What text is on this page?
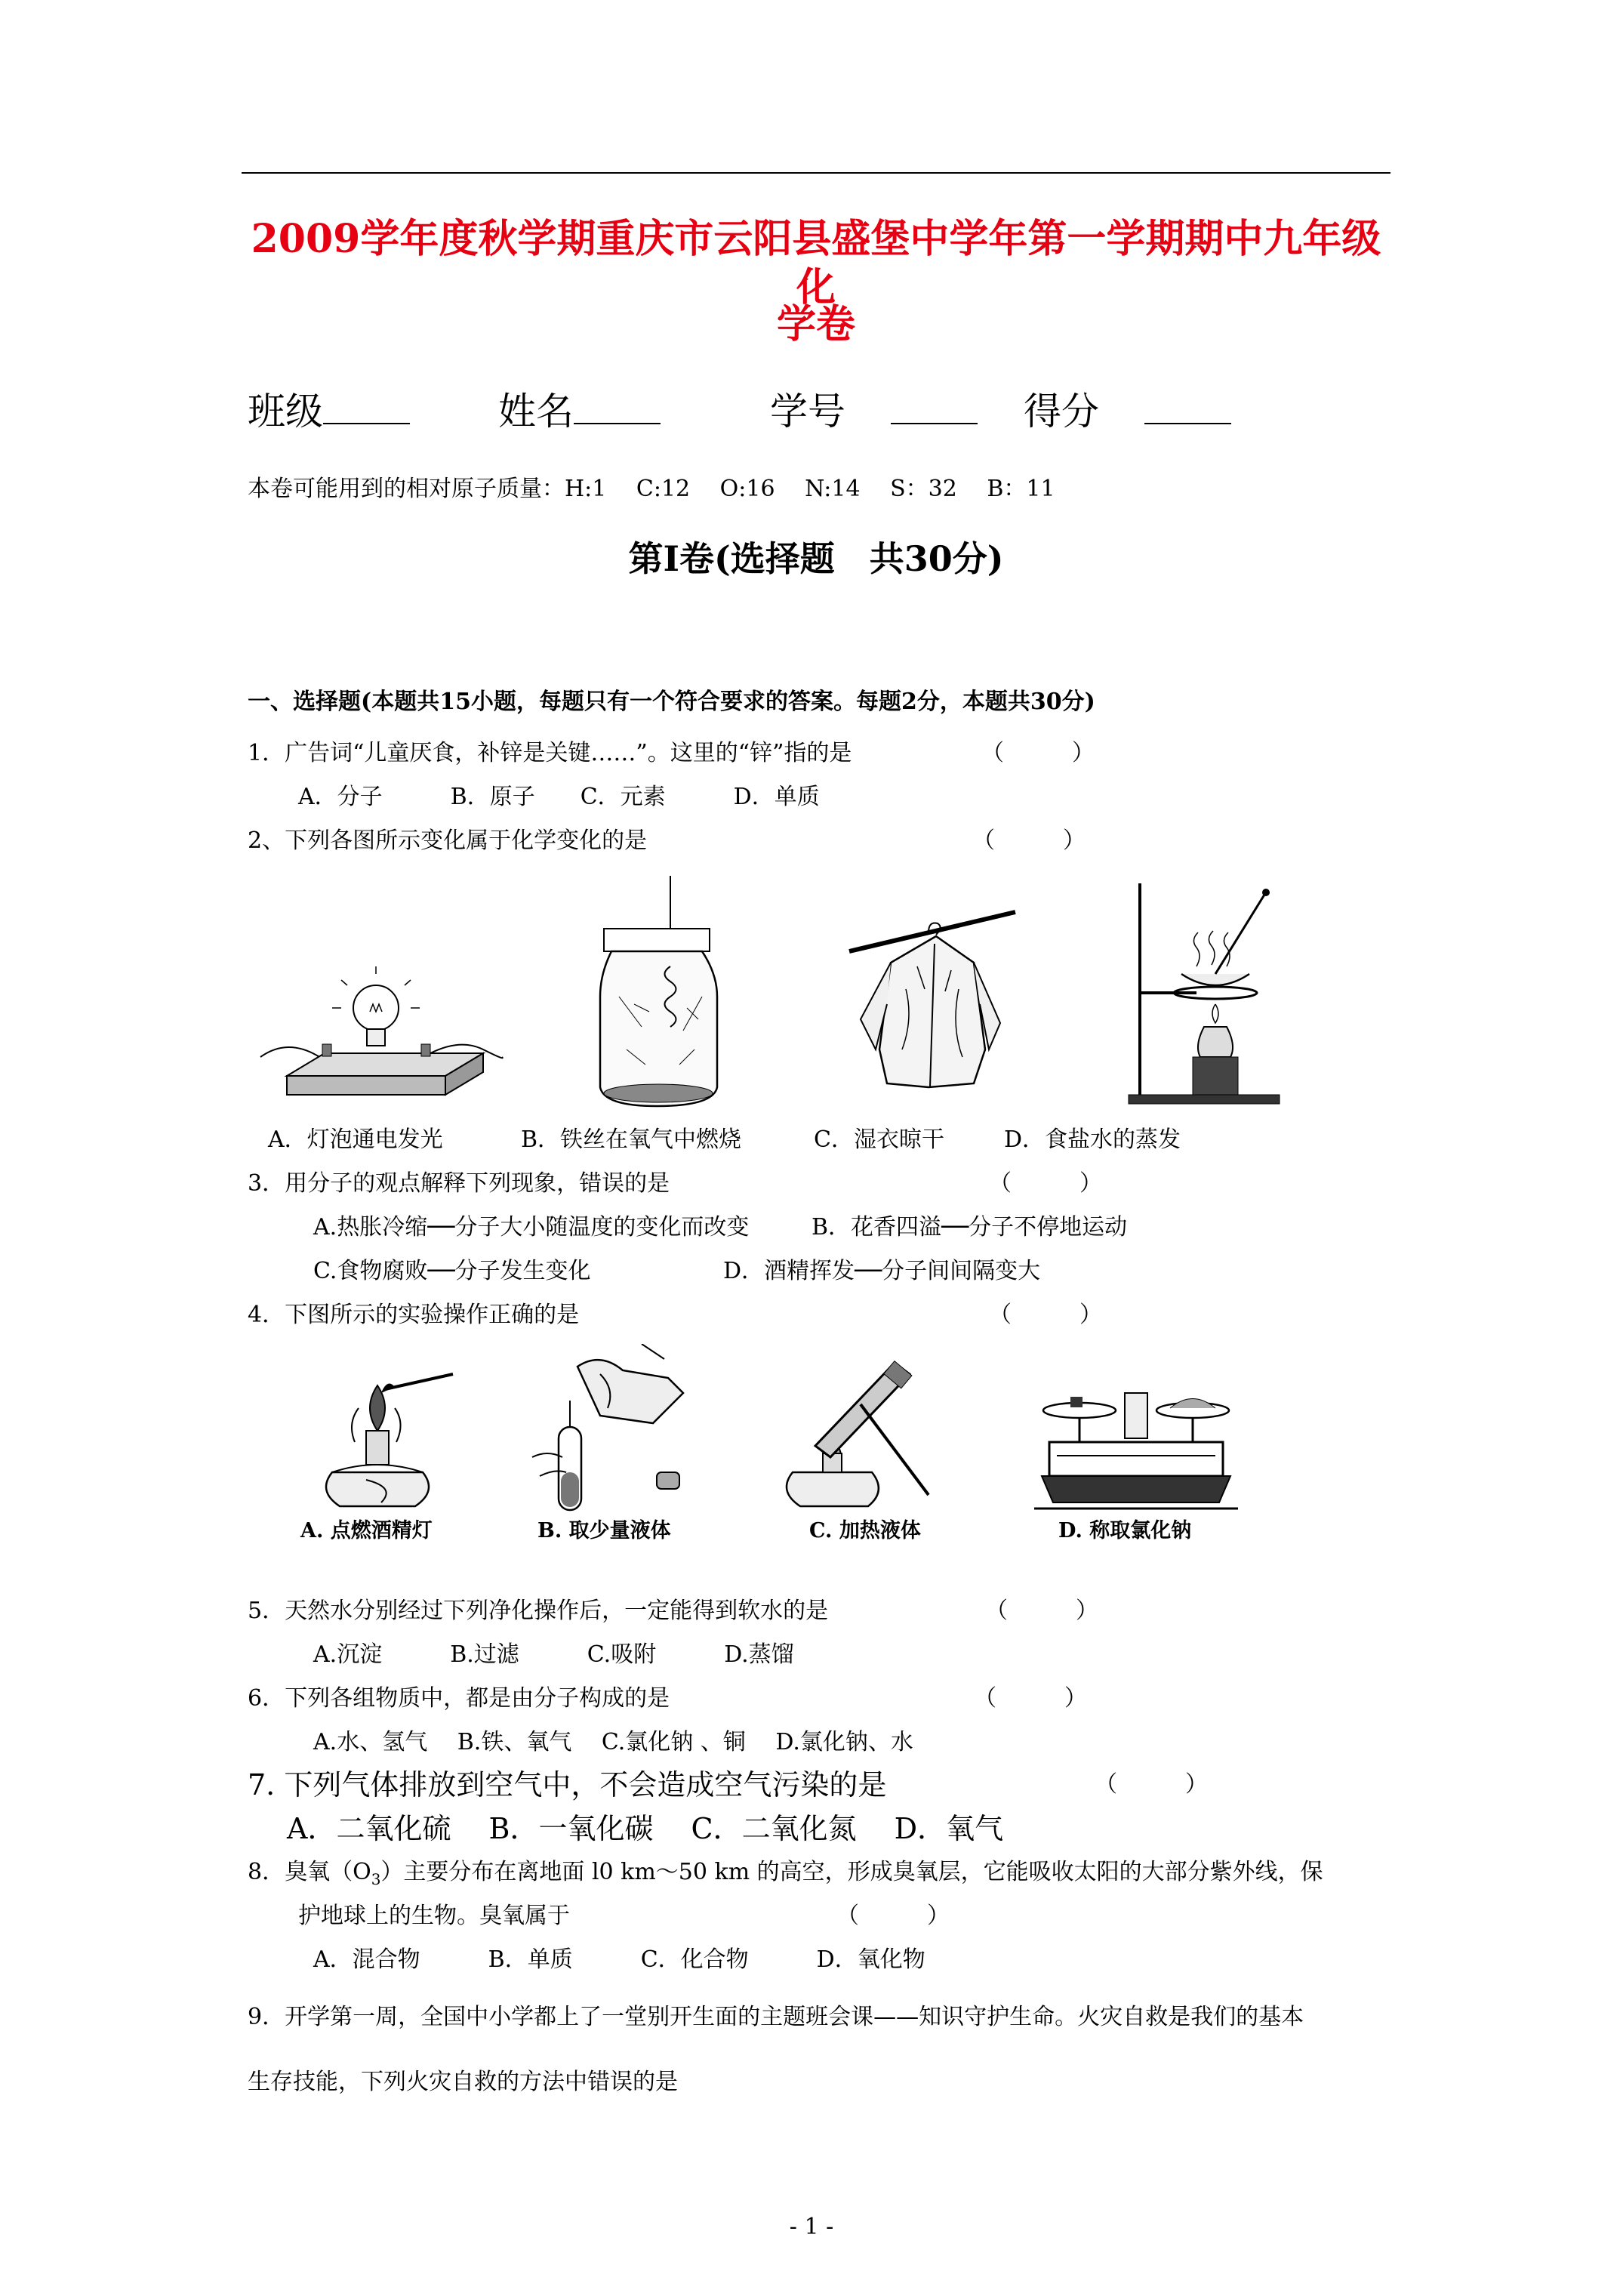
2009学年度秋学期重庆市云阳县盛堡中学年第一学期期中九年级化
学卷
班级	姓名	学号	得分
本卷可能用到的相对原子质量：H:1　 C:12　 O:16　 N:14　 S：32　 B：11
第Ⅰ卷(选择题　共30分)
一、选择题(本题共15小题，每题只有一个符合要求的答案。每题2分，本题共30分)
1．广告词“儿童厌食，补锌是关键……”。这里的“锌”指的是	（　　　）
A．分子　　　B．原子　　C．元素　　　D．单质
2、下列各图所示变化属于化学变化的是	（　　　）
A．灯泡通电发光	B．铁丝在氧气中燃烧	C．湿衣晾干	D．食盐水的蒸发
3．用分子的观点解释下列现象，错误的是	（　　　）
A.热胀冷缩──分子大小随温度的变化而改变	B．花香四溢──分子不停地运动
C.食物腐败──分子发生变化	D．酒精挥发──分子间间隔变大
4．下图所示的实验操作正确的是	（　　　）
A. 点燃酒精灯	B. 取少量液体	C. 加热液体	D. 称取氯化钠
5．天然水分别经过下列净化操作后，一定能得到软水的是	（　　　）
A.沉淀　　　B.过滤　　　C.吸附　　　D.蒸馏
6．下列各组物质中，都是由分子构成的是	（　　　）
A.水、氢气　 B.铁、氧气　 C.氯化钠 、铜　 D.氯化钠、水
7. 下列气体排放到空气中，不会造成空气污染的是	（　　　）
A．二氧化硫　 B．一氧化碳　 C．二氧化氮　 D．氧气
8．臭氧$(O_3)$主要分布在离地面 l0 km～50 km 的高空，形成臭氧层，它能吸收太阳的大部分紫外线，保
护地球上的生物。臭氧属于	（　　　）
A．混合物　　　B．单质　　　C．化合物　　　D．氧化物
9．开学第一周，全国中小学都上了一堂别开生面的主题班会课——知识守护生命。火灾自救是我们的基本
生存技能，下列火灾自救的方法中错误的是
- 1 -
